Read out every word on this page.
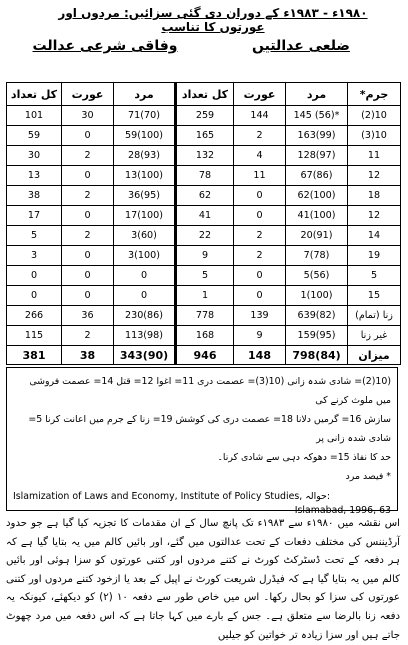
۱۹۸۰ء - ۱۹۸۳ء کے دوران دی گئی سزائیں: مردوں اور عورتوں کا تناسب
وفاقی شرعی عدالت	ضلعی عدالتیں
کل تعداد	عورت	مرد	کل تعداد	عورت	مرد	جرم*
101	30	71(70)	259	144	145 (56)*	10(2)
59	0	59(100)	165	2	163(99)	10(3)
30	2	28(93)	132	4	128(97)	11
13	0	13(100)	78	11	67(86)	12
38	2	36(95)	62	0	62(100)	18
17	0	17(100)	41	0	41(100)	12
5	2	3(60)	22	2	20(91)	14
3	0	3(100)	9	2	7(78)	19
0	0	0	5	0	5(56)	5
0	0	0	1	0	1(100)	15
266	36	230(86)	778	139	639(82)	زنا (تمام)
115	2	113(98)	168	9	159(95)	غیر زنا
381	38	343(90)	946	148	798(84)	میزان
(10(2)= شادی شدہ زانی (10(3)= عصمت دری 11= اغوا 12= قتل 14= عصمت فروشی میں ملوث کرنے کی
سازش 16= گرمیں دلانا 18= عصمت دری کی کوشش 19= زنا کے جرم میں اعانت کرنا 5= شادی شدہ زانی پر
حد کا نفاذ 15= دھوکہ دہی سے شادی کرنا۔
* فیصد مرد
Islamization of Laws and Economy, Institute of Policy Studies, حوالہ:
Islamabad, 1996, 63
اس نقشہ میں ۱۹۸۰ء سے ۱۹۸۳ء تک پانچ سال کے ان مقدمات کا تجزیہ کیا گیا ہے جو حدود آرڈیننس کی مختلف دفعات کے تحت عدالتوں میں گئے، اور بائیں کالم میں یہ بتایا گیا ہے کہ ہر دفعہ کے تحت ڈسٹرکٹ کورٹ نے کتنے مردوں اور کتنی عورتوں کو سزا ہوئی اور بائیں کالم میں یہ بتایا گیا ہے کہ فیڈرل شریعت کورٹ نے اپیل کے بعد یا ازخود کتنے مردوں اور کتنی عورتوں کی سزا کو بحال رکھا۔ اس میں خاص طور سے دفعہ ۱۰ (۲) کو دیکھئے، کیونکہ یہ دفعہ زنا بالرضا سے متعلق ہے۔ جس کے بارے میں کہا جاتا ہے کہ اس دفعہ میں مرد چھوٹ جاتے ہیں اور سزا زیادہ تر خواتین کو جیلیں
